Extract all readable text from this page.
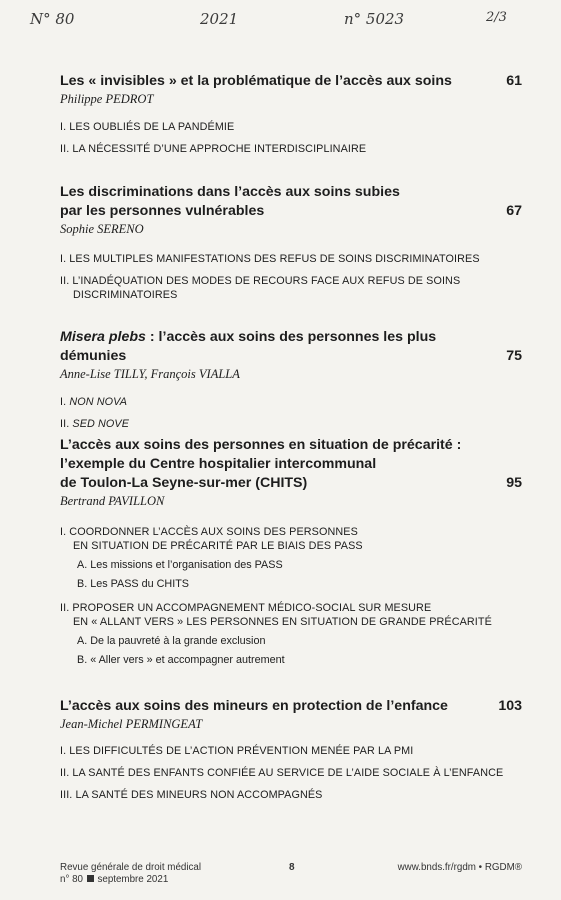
N° 80	2021	n° 5023	2/3
Les « invisibles » et la problématique de l’accès aux soins	61
Philippe PEDROT
I. LES OUBLIÉS DE LA PANDÉMIE
II. LA NÉCESSITÉ D’UNE APPROCHE INTERDISCIPLINAIRE
Les discriminations dans l’accès aux soins subies
par les personnes vulnérables	67
Sophie SERENO
I. LES MULTIPLES MANIFESTATIONS DES REFUS DE SOINS DISCRIMINATOIRES
II. L’INADÉQUATION DES MODES DE RECOURS FACE AUX REFUS DE SOINS
DISCRIMINATOIRES
Misera plebs : l’accès aux soins des personnes les plus démunies	75
Anne-Lise TILLY, François VIALLA
I. NON NOVA
II. SED NOVE
L’accès aux soins des personnes en situation de précarité :
l’exemple du Centre hospitalier intercommunal
de Toulon-La Seyne-sur-mer (CHITS)	95
Bertrand PAVILLON
I. COORDONNER L’ACCÈS AUX SOINS DES PERSONNES
EN SITUATION DE PRÉCARITÉ PAR LE BIAIS DES PASS
A. Les missions et l’organisation des PASS
B. Les PASS du CHITS
II. PROPOSER UN ACCOMPAGNEMENT MÉDICO-SOCIAL SUR MESURE
EN « ALLANT VERS » LES PERSONNES EN SITUATION DE GRANDE PRÉCARITÉ
A. De la pauvreté à la grande exclusion
B. « Aller vers » et accompagner autrement
L’accès aux soins des mineurs en protection de l’enfance	103
Jean-Michel PERMINGEAT
I. LES DIFFICULTÉS DE L’ACTION PRÉVENTION MENÉE PAR LA PMI
II. LA SANTÉ DES ENFANTS CONFIÉE AU SERVICE DE L’AIDE SOCIALE À L’ENFANCE
III. LA SANTÉ DES MINEURS NON ACCOMPAGNÉS
Revue générale de droit médical
n° 80 septembre 2021
8	www.bnds.fr/rgdm • RGDM®
